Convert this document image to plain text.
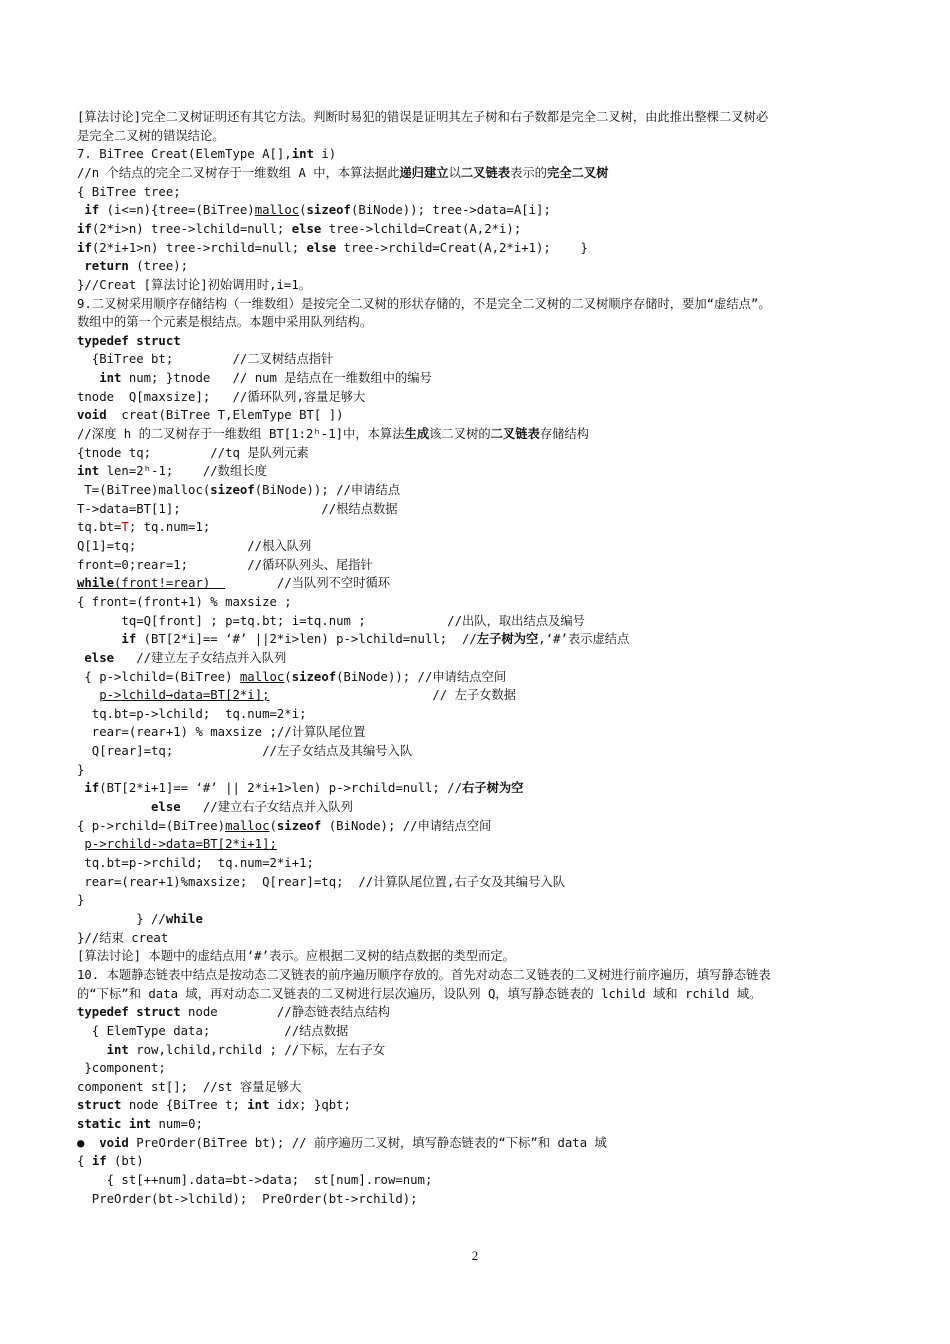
[算法讨论]完全二叉树证明还有其它方法。判断时易犯的错误是证明其左子树和右子数都是完全二叉树，由此推出整棵二叉树必
是完全二叉树的错误结论。
7. BiTree Creat(ElemType A[],int i)
//n 个结点的完全二叉树存于一维数组 A 中，本算法据此递归建立以二叉链表表示的完全二叉树
{ BiTree tree;
if (i<=n){tree=(BiTree)malloc(sizeof(BiNode)); tree->data=A[i];
if(2*i>n) tree->lchild=null; else tree->lchild=Creat(A,2*i);
if(2*i+1>n) tree->rchild=null; else tree->rchild=Creat(A,2*i+1);    }
return (tree);
}//Creat [算法讨论]初始调用时,i=1。
9.二叉树采用顺序存储结构（一维数组）是按完全二叉树的形状存储的，不是完全二叉树的二叉树顺序存储时，要加“虚结点”。
数组中的第一个元素是根结点。本题中采用队列结构。
typedef struct
{BiTree bt;        //二叉树结点指针
int num; }tnode   // num 是结点在一维数组中的编号
tnode  Q[maxsize];   //循环队列,容量足够大
void  creat(BiTree T,ElemType BT[ ])
//深度 h 的二叉树存于一维数组 BT[1:2ʰ-1]中，本算法生成该二叉树的二叉链表存储结构
{tnode tq;        //tq 是队列元素
int len=2ʰ-1;    //数组长度
T=(BiTree)malloc(sizeof(BiNode)); //申请结点
T->data=BT[1];                   //根结点数据
tq.bt=T; tq.num=1;
Q[1]=tq;               //根入队列
front=0;rear=1;        //循环队列头、尾指针
while(front!=rear)         //当队列不空时循环
{ front=(front+1) % maxsize ;
tq=Q[front] ; p=tq.bt; i=tq.num ;           //出队，取出结点及编号
if (BT[2*i]== ‘#’ ||2*i>len) p->lchild=null;  //左子树为空,‘#’表示虚结点
else   //建立左子女结点并入队列
{ p->lchild=(BiTree) malloc(sizeof(BiNode)); //申请结点空间
p->lchild→data=BT[2*i];                      // 左子女数据
tq.bt=p->lchild;  tq.num=2*i;
rear=(rear+1) % maxsize ;//计算队尾位置
Q[rear]=tq;            //左子女结点及其编号入队
}
if(BT[2*i+1]== ‘#’ || 2*i+1>len) p->rchild=null; //右子树为空
else   //建立右子女结点并入队列
{ p->rchild=(BiTree)malloc(sizeof (BiNode); //申请结点空间
p->rchild->data=BT[2*i+1];
tq.bt=p->rchild;  tq.num=2*i+1;
rear=(rear+1)%maxsize;  Q[rear]=tq;  //计算队尾位置,右子女及其编号入队
}
} //while
}//结束 creat
[算法讨论] 本题中的虚结点用‘#’表示。应根据二叉树的结点数据的类型而定。
10. 本题静态链表中结点是按动态二叉链表的前序遍历顺序存放的。首先对动态二叉链表的二叉树进行前序遍历，填写静态链表
的“下标”和 data 域，再对动态二叉链表的二叉树进行层次遍历，设队列 Q，填写静态链表的 lchild 域和 rchild 域。
typedef struct node        //静态链表结点结构
{ ElemType data;          //结点数据
int row,lchild,rchild ; //下标，左右子女
}component;
component st[];  //st 容量足够大
struct node {BiTree t; int idx; }qbt;
static int num=0;
●  void PreOrder(BiTree bt); // 前序遍历二叉树，填写静态链表的“下标”和 data 域
{ if (bt)
{ st[++num].data=bt->data;  st[num].row=num;
PreOrder(bt->lchild);  PreOrder(bt->rchild);
2
